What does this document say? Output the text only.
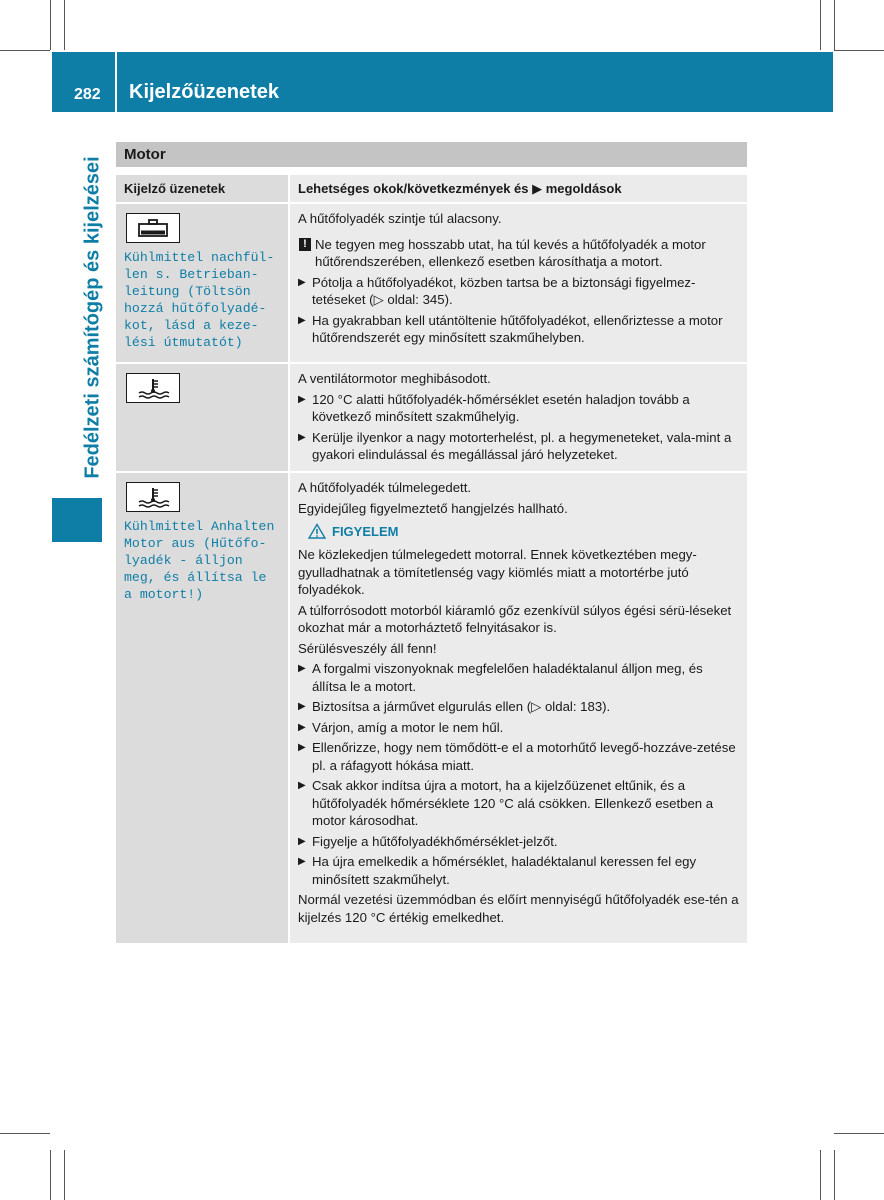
282 Kijelzőüzenetek
Fedélzeti számítógép és kijelzései
Motor
Kijelző üzenetek	Lehetséges okok/következmények és ▶ megoldások
Kühlmittel nachfül-
len s. Betrieban-
leitung (Töltsön
hozzá hűtőfolyadé-
kot, lásd a keze-
lési útmutatót)

A hűtőfolyadék szintje túl alacsony.

! Ne tegyen meg hosszabb utat, ha túl kevés a hűtőfolyadék a motor hűtőrendszerében, ellenkező esetben károsíthatja a motort.
▶ Pótolja a hűtőfolyadékot, közben tartsa be a biztonsági figyelmez-tetéseket (▷ oldal: 345).
▶ Ha gyakrabban kell utántöltenie hűtőfolyadékot, ellenőriztesse a motor hűtőrendszerét egy minősített szakműhelyben.

A ventilátormotor meghibásodott.

▶ 120 °C alatti hűtőfolyadék-hőmérséklet esetén haladjon tovább a következő minősített szakműhelyig.
▶ Kerülje ilyenkor a nagy motorterhelést, pl. a hegymeneteket, vala-mint a gyakori elindulással és megállással járó helyzeteket.
Kühlmittel Anhalten
Motor aus (Hűtőfo-
lyadék - álljon
meg, és állítsa le
a motort!)

A hűtőfolyadék túlmelegedett.

Egyidejűleg figyelmeztető hangjelzés hallható.

FIGYELEM

Ne közlekedjen túlmelegedett motorral. Ennek következtében megy-gyulladhatnak a tömítetlenség vagy kiömlés miatt a motortérbe jutó folyadékok.

A túlforrósodott motorból kiáramló gőz ezenkívül súlyos égési sérü-léseket okozhat már a motorháztető felnyitásakor is.

Sérülésveszély áll fenn!

▶ A forgalmi viszonyoknak megfelelően haladéktalanul álljon meg, és állítsa le a motort.
▶ Biztosítsa a járművet elgurulás ellen (▷ oldal: 183).
▶ Várjon, amíg a motor le nem hűl.
▶ Ellenőrizze, hogy nem tömődött-e el a motorhűtő levegő-hozzáve-zetése pl. a ráfagyott hókása miatt.
▶ Csak akkor indítsa újra a motort, ha a kijelzőüzenet eltűnik, és a hűtőfolyadék hőmérséklete 120 °C alá csökken. Ellenkező esetben a motor károsodhat.
▶ Figyelje a hűtőfolyadékhőmérséklet-jelzőt.
▶ Ha újra emelkedik a hőmérséklet, haladéktalanul keressen fel egy minősített szakműhelyt.

Normál vezetési üzemmódban és előírt mennyiségű hűtőfolyadék ese-tén a kijelzés 120 °C értékig emelkedhet.
